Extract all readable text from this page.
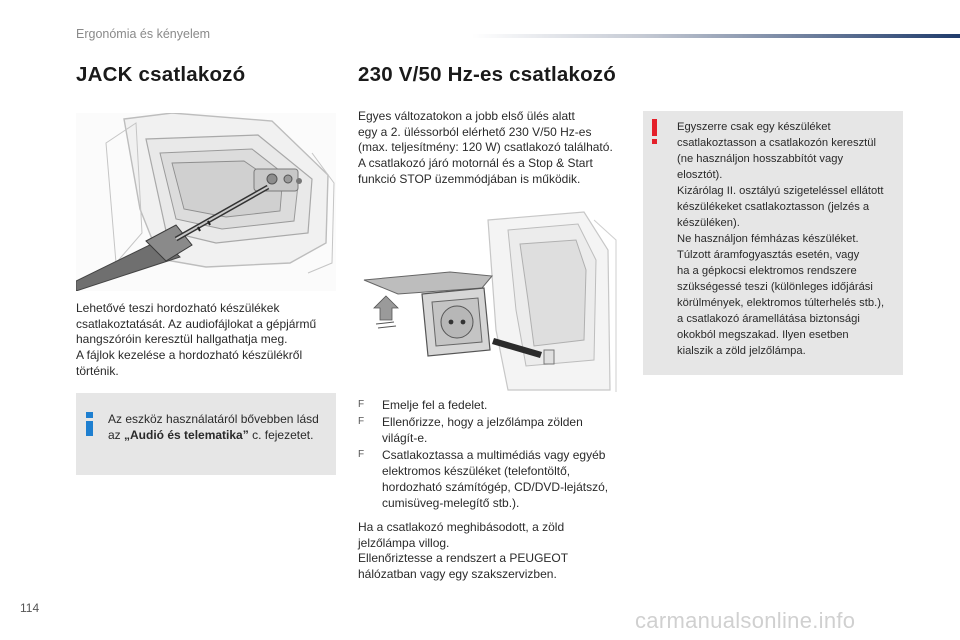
Ergonómia és kényelem
JACK csatlakozó

Lehetővé teszi hordozható készülékek

csatlakoztatását. Az audiofájlokat a gépjármű

hangszóróin keresztül hallgathatja meg.

A fájlok kezelése a hordozható készülékről

történik.

Az eszköz használatáról bővebben lásd
az „Audió és telematika” c. fejezetet.
230 V/50 Hz-es csatlakozó

Egyes változatokon a jobb első ülés alatt

egy a 2. üléssorból elérhető 230 V/50 Hz-es

(max. teljesítmény: 120 W) csatlakozó található.

A csatlakozó járó motornál és a Stop & Start

funkció STOP üzemmódjában is működik.

F	Emelje fel a fedelet.
F	Ellenőrizze, hogy a jelzőlámpa zölden
világít-e.
F	Csatlakoztassa a multimédiás vagy egyéb
elektromos készüléket (telefontöltő,
hordozható számítógép, CD/DVD-lejátszó,
cumisüveg-melegítő stb.).

Ha a csatlakozó meghibásodott, a zöld

jelzőlámpa villog.

Ellenőriztesse a rendszert a PEUGEOT

hálózatban vagy egy szakszervizben.

Egyszerre csak egy készüléket
csatlakoztasson a csatlakozón keresztül
(ne használjon hosszabbítót vagy
elosztót).
Kizárólag II. osztályú szigeteléssel ellátott
készülékeket csatlakoztasson (jelzés a
készüléken).
Ne használjon fémházas készüléket.
Túlzott áramfogyasztás esetén, vagy
ha a gépkocsi elektromos rendszere
szükségessé teszi (különleges időjárási
körülmények, elektromos túlterhelés stb.),
a csatlakozó áramellátása biztonsági
okokból megszakad. Ilyen esetben
kialszik a zöld jelzőlámpa.
114	carmanualsonline.info
